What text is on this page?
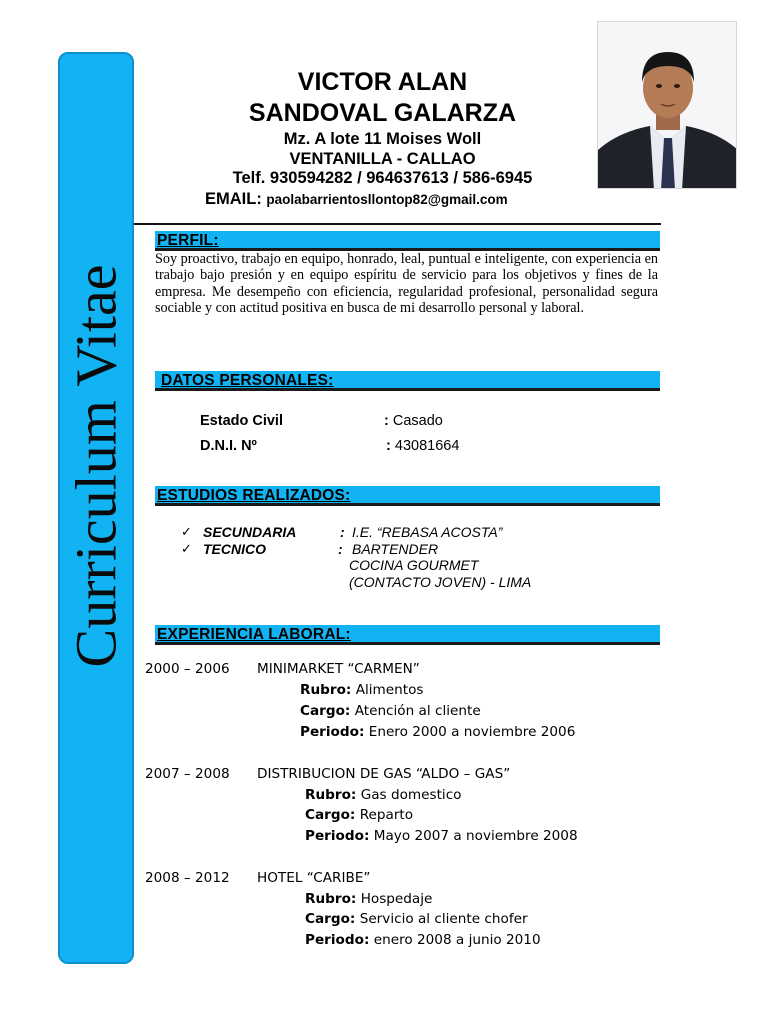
Curriculum Vitae
VICTOR ALAN
SANDOVAL GALARZA
Mz. A lote 11 Moises Woll
VENTANILLA - CALLAO
Telf. 930594282 / 964637613 / 586-6945
EMAIL: paolabarrientosllontop82@gmail.com
PERFIL:
Soy proactivo, trabajo en equipo, honrado, leal, puntual e inteligente, con experiencia en trabajo bajo presión y en equipo espíritu de servicio para los objetivos y fines de la empresa. Me desempeño con eficiencia, regularidad profesional, personalidad segura sociable y con actitud positiva en busca de mi desarrollo personal y laboral.
DATOS PERSONALES:
Estado Civil	: Casado
D.N.I. Nº	: 43081664
ESTUDIOS REALIZADOS:
✓ SECUNDARIA	: I.E. “REBASA ACOSTA”
✓ TECNICO	: BARTENDER
COCINA GOURMET
(CONTACTO JOVEN) - LIMA
EXPERIENCIA LABORAL:
2000 – 2006 MINIMARKET “CARMEN”
Rubro: Alimentos
Cargo: Atención al cliente
Periodo: Enero 2000 a noviembre 2006
2007 – 2008 DISTRIBUCION DE GAS “ALDO – GAS”
Rubro: Gas domestico
Cargo: Reparto
Periodo: Mayo 2007 a noviembre 2008
2008 – 2012 HOTEL “CARIBE”
Rubro: Hospedaje
Cargo: Servicio al cliente chofer
Periodo: enero 2008 a junio 2010
